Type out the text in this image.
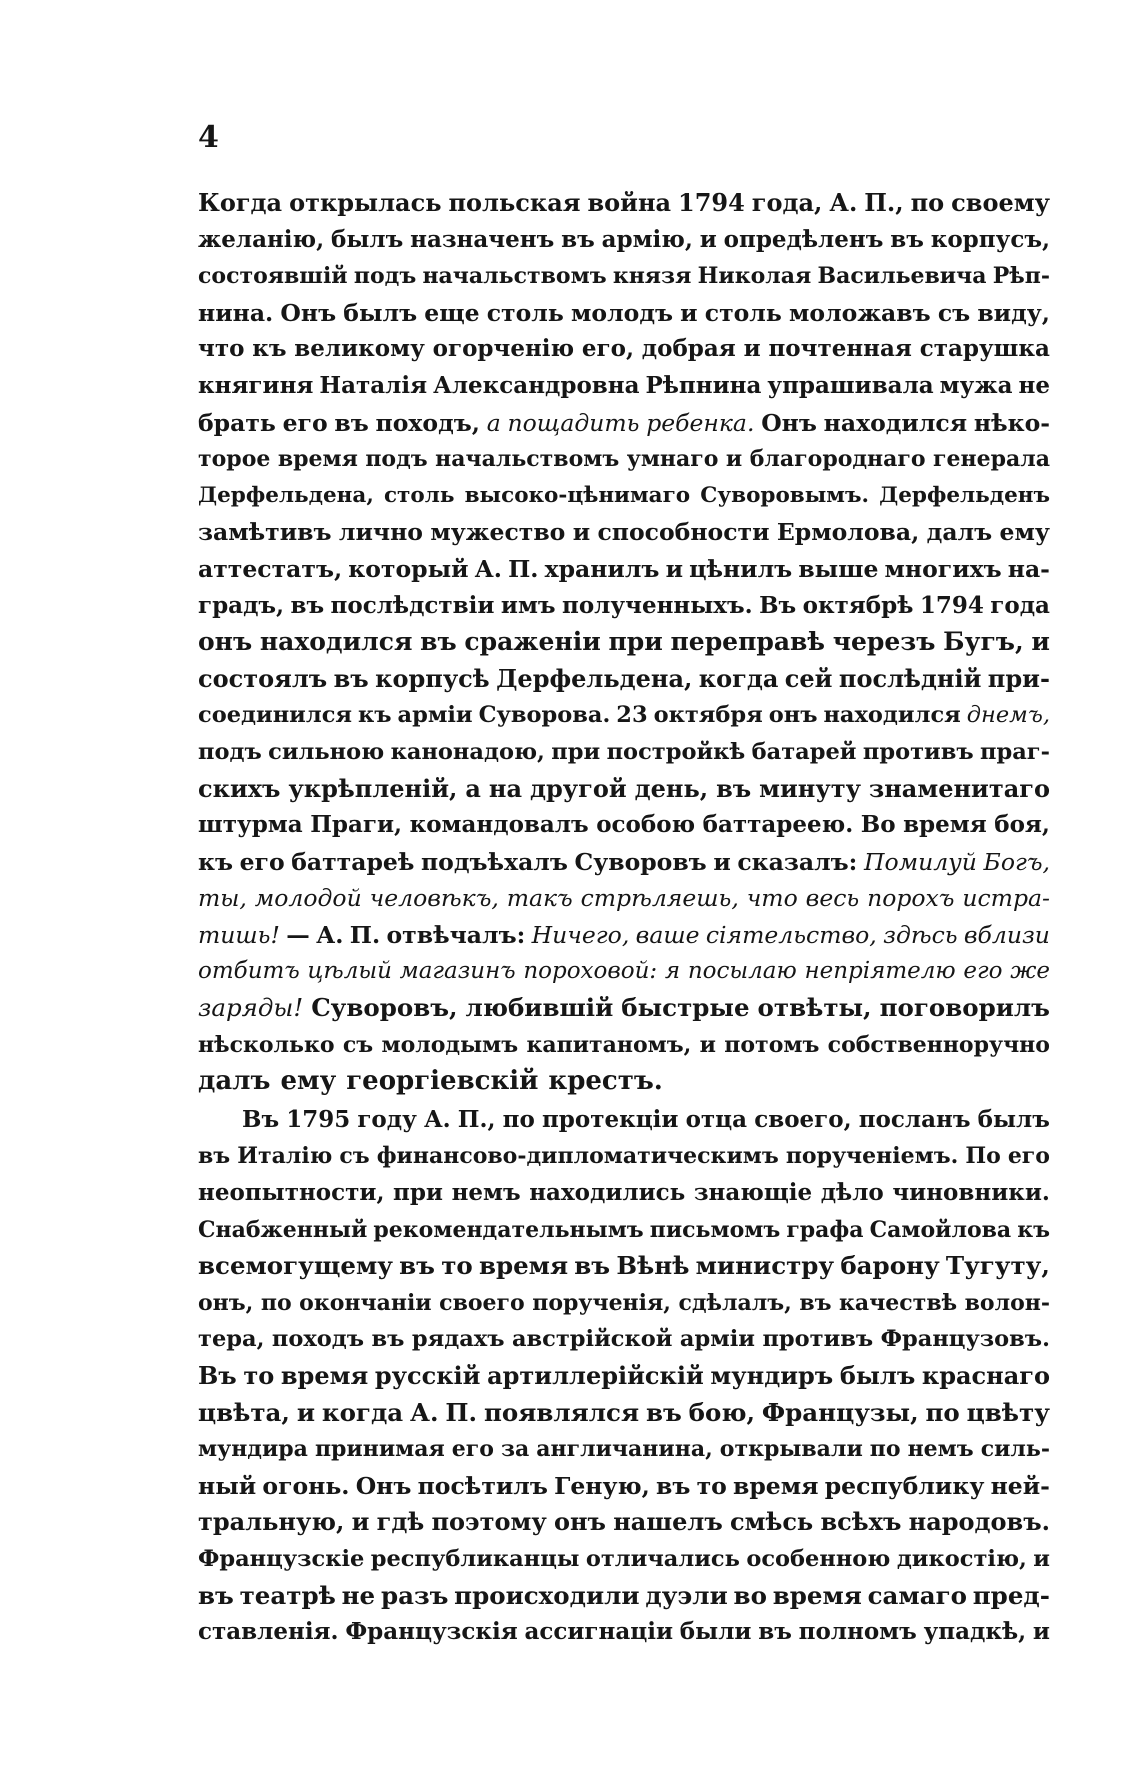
4
Когда открылась польская война 1794 года, А. П., по своему
желанію, былъ назначенъ въ армію, и опредѣленъ въ корпусъ,
состоявшій подъ начальствомъ князя Николая Васильевича Рѣп-
нина. Онъ былъ еще столь молодъ и столь моложавъ съ виду,
что къ великому огорченію его, добрая и почтенная старушка
княгиня Наталія Александровна Рѣпнина упрашивала мужа не
брать его въ походъ, а пощадить ребенка. Онъ находился нѣко-
торое время подъ начальствомъ умнаго и благороднаго генерала
Дерфельдена, столь высоко-цѣнимаго Суворовымъ. Дерфельденъ
замѣтивъ лично мужество и способности Ермолова, далъ ему
аттестатъ, который А. П. хранилъ и цѣнилъ выше многихъ на-
градъ, въ послѣдствіи имъ полученныхъ. Въ октябрѣ 1794 года
онъ находился въ сраженіи при переправѣ черезъ Бугъ, и
состоялъ въ корпусѣ Дерфельдена, когда сей послѣдній при-
соединился къ арміи Суворова. 23 октября онъ находился днемъ,
подъ сильною канонадою, при постройкѣ батарей противъ праг-
скихъ укрѣпленій, а на другой день, въ минуту знаменитаго
штурма Праги, командовалъ особою баттареею. Во время боя,
къ его баттареѣ подъѣхалъ Суворовъ и сказалъ: Помилуй Богъ,
ты, молодой человѣкъ, такъ стрѣляешь, что весь порохъ истра-
тишь! — А. П. отвѣчалъ: Ничего, ваше сіятельство, здѣсь вблизи
отбитъ цѣлый магазинъ пороховой: я посылаю непріятелю его же
заряды! Суворовъ, любившій быстрые отвѣты, поговорилъ
нѣсколько съ молодымъ капитаномъ, и потомъ собственноручно
далъ ему георгіевскій крестъ.
Въ 1795 году А. П., по протекціи отца своего, посланъ былъ
въ Италію съ финансово-дипломатическимъ порученіемъ. По его
неопытности, при немъ находились знающіе дѣло чиновники.
Снабженный рекомендательнымъ письмомъ графа Самойлова къ
всемогущему въ то время въ Вѣнѣ министру барону Тугуту,
онъ, по окончаніи своего порученія, сдѣлалъ, въ качествѣ волон-
тера, походъ въ рядахъ австрійской арміи противъ Французовъ.
Въ то время русскій артиллерійскій мундиръ былъ краснаго
цвѣта, и когда А. П. появлялся въ бою, Французы, по цвѣту
мундира принимая его за англичанина, открывали по немъ силь-
ный огонь. Онъ посѣтилъ Геную, въ то время республику ней-
тральную, и гдѣ поэтому онъ нашелъ смѣсь всѣхъ народовъ.
Французскіе республиканцы отличались особенною дикостію, и
въ театрѣ не разъ происходили дуэли во время самаго пред-
ставленія. Французскія ассигнаціи были въ полномъ упадкѣ, и
